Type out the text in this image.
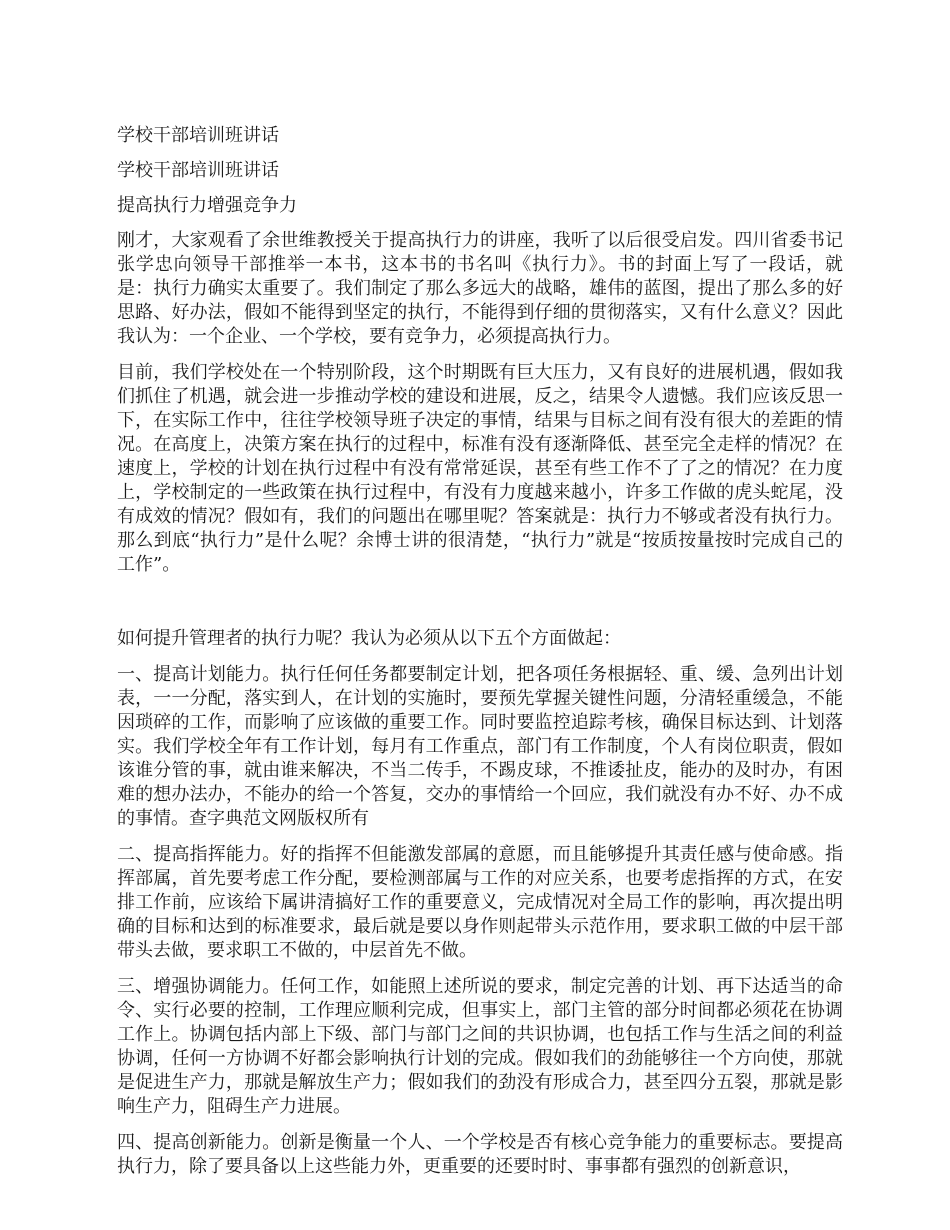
学校干部培训班讲话

学校干部培训班讲话

提高执行力增强竞争力

刚才，大家观看了余世维教授关于提高执行力的讲座，我听了以后很受启发。四川省委书记张学忠向领导干部推举一本书，这本书的书名叫《执行力》。书的封面上写了一段话，就是：执行力确实太重要了。我们制定了那么多远大的战略，雄伟的蓝图，提出了那么多的好思路、好办法，假如不能得到坚定的执行，不能得到仔细的贯彻落实，又有什么意义？因此我认为：一个企业、一个学校，要有竞争力，必须提高执行力。

目前，我们学校处在一个特别阶段，这个时期既有巨大压力，又有良好的进展机遇，假如我们抓住了机遇，就会进一步推动学校的建设和进展，反之，结果令人遗憾。我们应该反思一下，在实际工作中，往往学校领导班子决定的事情，结果与目标之间有没有很大的差距的情况。在高度上，决策方案在执行的过程中，标准有没有逐渐降低、甚至完全走样的情况？在速度上，学校的计划在执行过程中有没有常常延误，甚至有些工作不了了之的情况？在力度上，学校制定的一些政策在执行过程中，有没有力度越来越小，许多工作做的虎头蛇尾，没有成效的情况？假如有，我们的问题出在哪里呢？答案就是：执行力不够或者没有执行力。那么到底“执行力”是什么呢？余博士讲的很清楚，“执行力”就是“按质按量按时完成自己的工作”。

如何提升管理者的执行力呢？我认为必须从以下五个方面做起：

一、提高计划能力。执行任何任务都要制定计划，把各项任务根据轻、重、缓、急列出计划表，一一分配，落实到人，在计划的实施时，要预先掌握关键性问题，分清轻重缓急，不能因琐碎的工作，而影响了应该做的重要工作。同时要监控追踪考核，确保目标达到、计划落实。我们学校全年有工作计划，每月有工作重点，部门有工作制度，个人有岗位职责，假如该谁分管的事，就由谁来解决，不当二传手，不踢皮球，不推诿扯皮，能办的及时办，有困难的想办法办，不能办的给一个答复，交办的事情给一个回应，我们就没有办不好、办不成的事情。查字典范文网版权所有

二、提高指挥能力。好的指挥不但能激发部属的意愿，而且能够提升其责任感与使命感。指挥部属，首先要考虑工作分配，要检测部属与工作的对应关系，也要考虑指挥的方式，在安排工作前，应该给下属讲清搞好工作的重要意义，完成情况对全局工作的影响，再次提出明确的目标和达到的标准要求，最后就是要以身作则起带头示范作用，要求职工做的中层干部带头去做，要求职工不做的，中层首先不做。

三、增强协调能力。任何工作，如能照上述所说的要求，制定完善的计划、再下达适当的命令、实行必要的控制，工作理应顺利完成，但事实上，部门主管的部分时间都必须花在协调工作上。协调包括内部上下级、部门与部门之间的共识协调，也包括工作与生活之间的利益协调，任何一方协调不好都会影响执行计划的完成。假如我们的劲能够往一个方向使，那就是促进生产力，那就是解放生产力；假如我们的劲没有形成合力，甚至四分五裂，那就是影响生产力，阻碍生产力进展。

四、提高创新能力。创新是衡量一个人、一个学校是否有核心竞争能力的重要标志。要提高执行力，除了要具备以上这些能力外，更重要的还要时时、事事都有强烈的创新意识，
